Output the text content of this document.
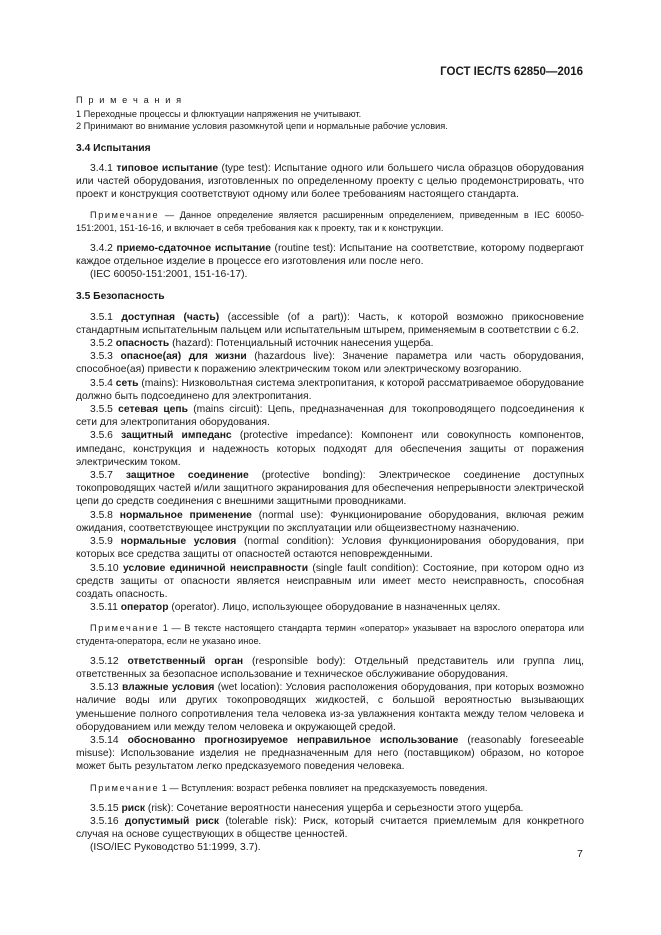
ГОСТ IEC/TS 62850—2016

П р и м е ч а н и я

1 Переходные процессы и флюктуации напряжения не учитывают.

2 Принимают во внимание условия разомкнутой цепи и нормальные рабочие условия.

3.4 Испытания

3.4.1 типовое испытание (type test): Испытание одного или большего числа образцов оборудования или частей оборудования, изготовленных по определенному проекту с целью продемонстрировать, что проект и конструкция соответствуют одному или более требованиям настоящего стандарта.

Примечание — Данное определение является расширенным определением, приведенным в IEC 60050-151:2001, 151-16-16, и включает в себя требования как к проекту, так и к конструкции.

3.4.2 приемо-сдаточное испытание (routine test): Испытание на соответствие, которому подвергают каждое отдельное изделие в процессе его изготовления или после него.

(IEC 60050-151:2001, 151-16-17).

3.5 Безопасность

3.5.1 доступная (часть) (accessible (of a part)): Часть, к которой возможно прикосновение стандартным испытательным пальцем или испытательным штырем, применяемым в соответствии с 6.2.

3.5.2 опасность (hazard): Потенциальный источник нанесения ущерба.

3.5.3 опасное(ая) для жизни (hazardous live): Значение параметра или часть оборудования, способное(ая) привести к поражению электрическим током или электрическому возгоранию.

3.5.4 сеть (mains): Низковольтная система электропитания, к которой рассматриваемое оборудование должно быть подсоединено для электропитания.

3.5.5 сетевая цепь (mains circuit): Цепь, предназначенная для токопроводящего подсоединения к сети для электропитания оборудования.

3.5.6 защитный импеданс (protective impedance): Компонент или совокупность компонентов, импеданс, конструкция и надежность которых подходят для обеспечения защиты от поражения электрическим током.

3.5.7 защитное соединение (protective bonding): Электрическое соединение доступных токопроводящих частей и/или защитного экранирования для обеспечения непрерывности электрической цепи до средств соединения с внешними защитными проводниками.

3.5.8 нормальное применение (normal use): Функционирование оборудования, включая режим ожидания, соответствующее инструкции по эксплуатации или общеизвестному назначению.

3.5.9 нормальные условия (normal condition): Условия функционирования оборудования, при которых все средства защиты от опасностей остаются неповрежденными.

3.5.10 условие единичной неисправности (single fault condition): Состояние, при котором одно из средств защиты от опасности является неисправным или имеет место неисправность, способная создать опасность.

3.5.11 оператор (operator). Лицо, использующее оборудование в назначенных целях.

Примечание 1 — В тексте настоящего стандарта термин «оператор» указывает на взрослого оператора или студента-оператора, если не указано иное.

3.5.12 ответственный орган (responsible body): Отдельный представитель или группа лиц, ответственных за безопасное использование и техническое обслуживание оборудования.

3.5.13 влажные условия (wet location): Условия расположения оборудования, при которых возможно наличие воды или других токопроводящих жидкостей, с большой вероятностью вызывающих уменьшение полного сопротивления тела человека из-за увлажнения контакта между телом человека и оборудованием или между телом человека и окружающей средой.

3.5.14 обоснованно прогнозируемое неправильное использование (reasonably foreseeable misuse): Использование изделия не предназначенным для него (поставщиком) образом, но которое может быть результатом легко предсказуемого поведения человека.

Примечание 1 — Вступления: возраст ребенка повлияет на предсказуемость поведения.

3.5.15 риск (risk): Сочетание вероятности нанесения ущерба и серьезности этого ущерба.

3.5.16 допустимый риск (tolerable risk): Риск, который считается приемлемым для конкретного случая на основе существующих в обществе ценностей.

(ISO/IEC Руководство 51:1999, 3.7).

7
